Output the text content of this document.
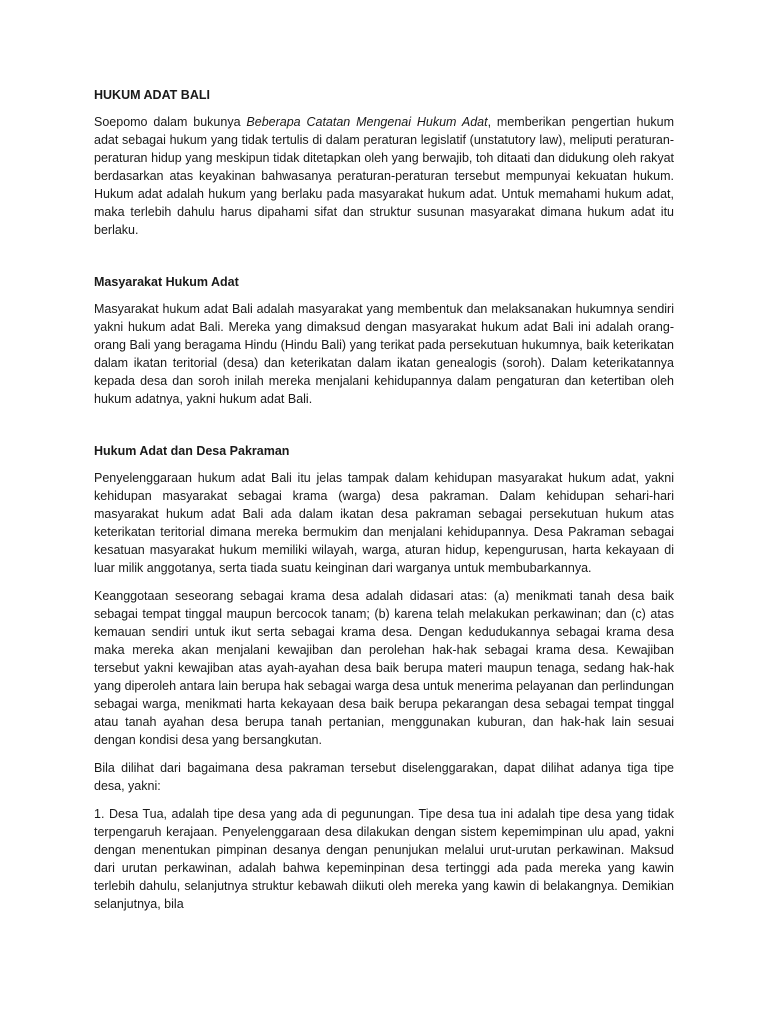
HUKUM ADAT BALI

Soepomo dalam bukunya Beberapa Catatan Mengenai Hukum Adat, memberikan pengertian hukum adat sebagai hukum yang tidak tertulis di dalam peraturan legislatif (unstatutory law), meliputi peraturan-peraturan hidup yang meskipun tidak ditetapkan oleh yang berwajib, toh ditaati dan didukung oleh rakyat berdasarkan atas keyakinan bahwasanya peraturan-peraturan tersebut mempunyai kekuatan hukum. Hukum adat adalah hukum yang berlaku pada masyarakat hukum adat. Untuk memahami hukum adat, maka terlebih dahulu harus dipahami sifat dan struktur susunan masyarakat dimana hukum adat itu berlaku.

Masyarakat Hukum Adat

Masyarakat hukum adat Bali adalah masyarakat yang membentuk dan melaksanakan hukumnya sendiri yakni hukum adat Bali. Mereka yang dimaksud dengan masyarakat hukum adat Bali ini adalah orang-orang Bali yang beragama Hindu (Hindu Bali) yang terikat pada persekutuan hukumnya, baik keterikatan dalam ikatan teritorial (desa) dan keterikatan dalam ikatan genealogis (soroh). Dalam keterikatannya kepada desa dan soroh inilah mereka menjalani kehidupannya dalam pengaturan dan ketertiban oleh hukum adatnya, yakni hukum adat Bali.

Hukum Adat dan Desa Pakraman

Penyelenggaraan hukum adat Bali itu jelas tampak dalam kehidupan masyarakat hukum adat, yakni kehidupan masyarakat sebagai krama (warga) desa pakraman. Dalam kehidupan sehari-hari masyarakat hukum adat Bali ada dalam ikatan desa pakraman sebagai persekutuan hukum atas keterikatan teritorial dimana mereka bermukim dan menjalani kehidupannya. Desa Pakraman sebagai kesatuan masyarakat hukum memiliki wilayah, warga, aturan hidup, kepengurusan, harta kekayaan di luar milik anggotanya, serta tiada suatu keinginan dari warganya untuk membubarkannya.

Keanggotaan seseorang sebagai krama desa adalah didasari atas: (a) menikmati tanah desa baik sebagai tempat tinggal maupun bercocok tanam; (b) karena telah melakukan perkawinan; dan (c) atas kemauan sendiri untuk ikut serta sebagai krama desa. Dengan kedudukannya sebagai krama desa maka mereka akan menjalani kewajiban dan perolehan hak-hak sebagai krama desa. Kewajiban tersebut yakni kewajiban atas ayah-ayahan desa baik berupa materi maupun tenaga, sedang hak-hak yang diperoleh antara lain berupa hak sebagai warga desa untuk menerima pelayanan dan perlindungan sebagai warga, menikmati harta kekayaan desa baik berupa pekarangan desa sebagai tempat tinggal atau tanah ayahan desa berupa tanah pertanian, menggunakan kuburan, dan hak-hak lain sesuai dengan kondisi desa yang bersangkutan.

Bila dilihat dari bagaimana desa pakraman tersebut diselenggarakan, dapat dilihat adanya tiga tipe desa, yakni:

1. Desa Tua, adalah tipe desa yang ada di pegunungan. Tipe desa tua ini adalah tipe desa yang tidak terpengaruh kerajaan. Penyelenggaraan desa dilakukan dengan sistem kepemimpinan ulu apad, yakni dengan menentukan pimpinan desanya dengan penunjukan melalui urut-urutan perkawinan. Maksud dari urutan perkawinan, adalah bahwa kepeminpinan desa tertinggi ada pada mereka yang kawin terlebih dahulu, selanjutnya struktur kebawah diikuti oleh mereka yang kawin di belakangnya. Demikian selanjutnya, bila
